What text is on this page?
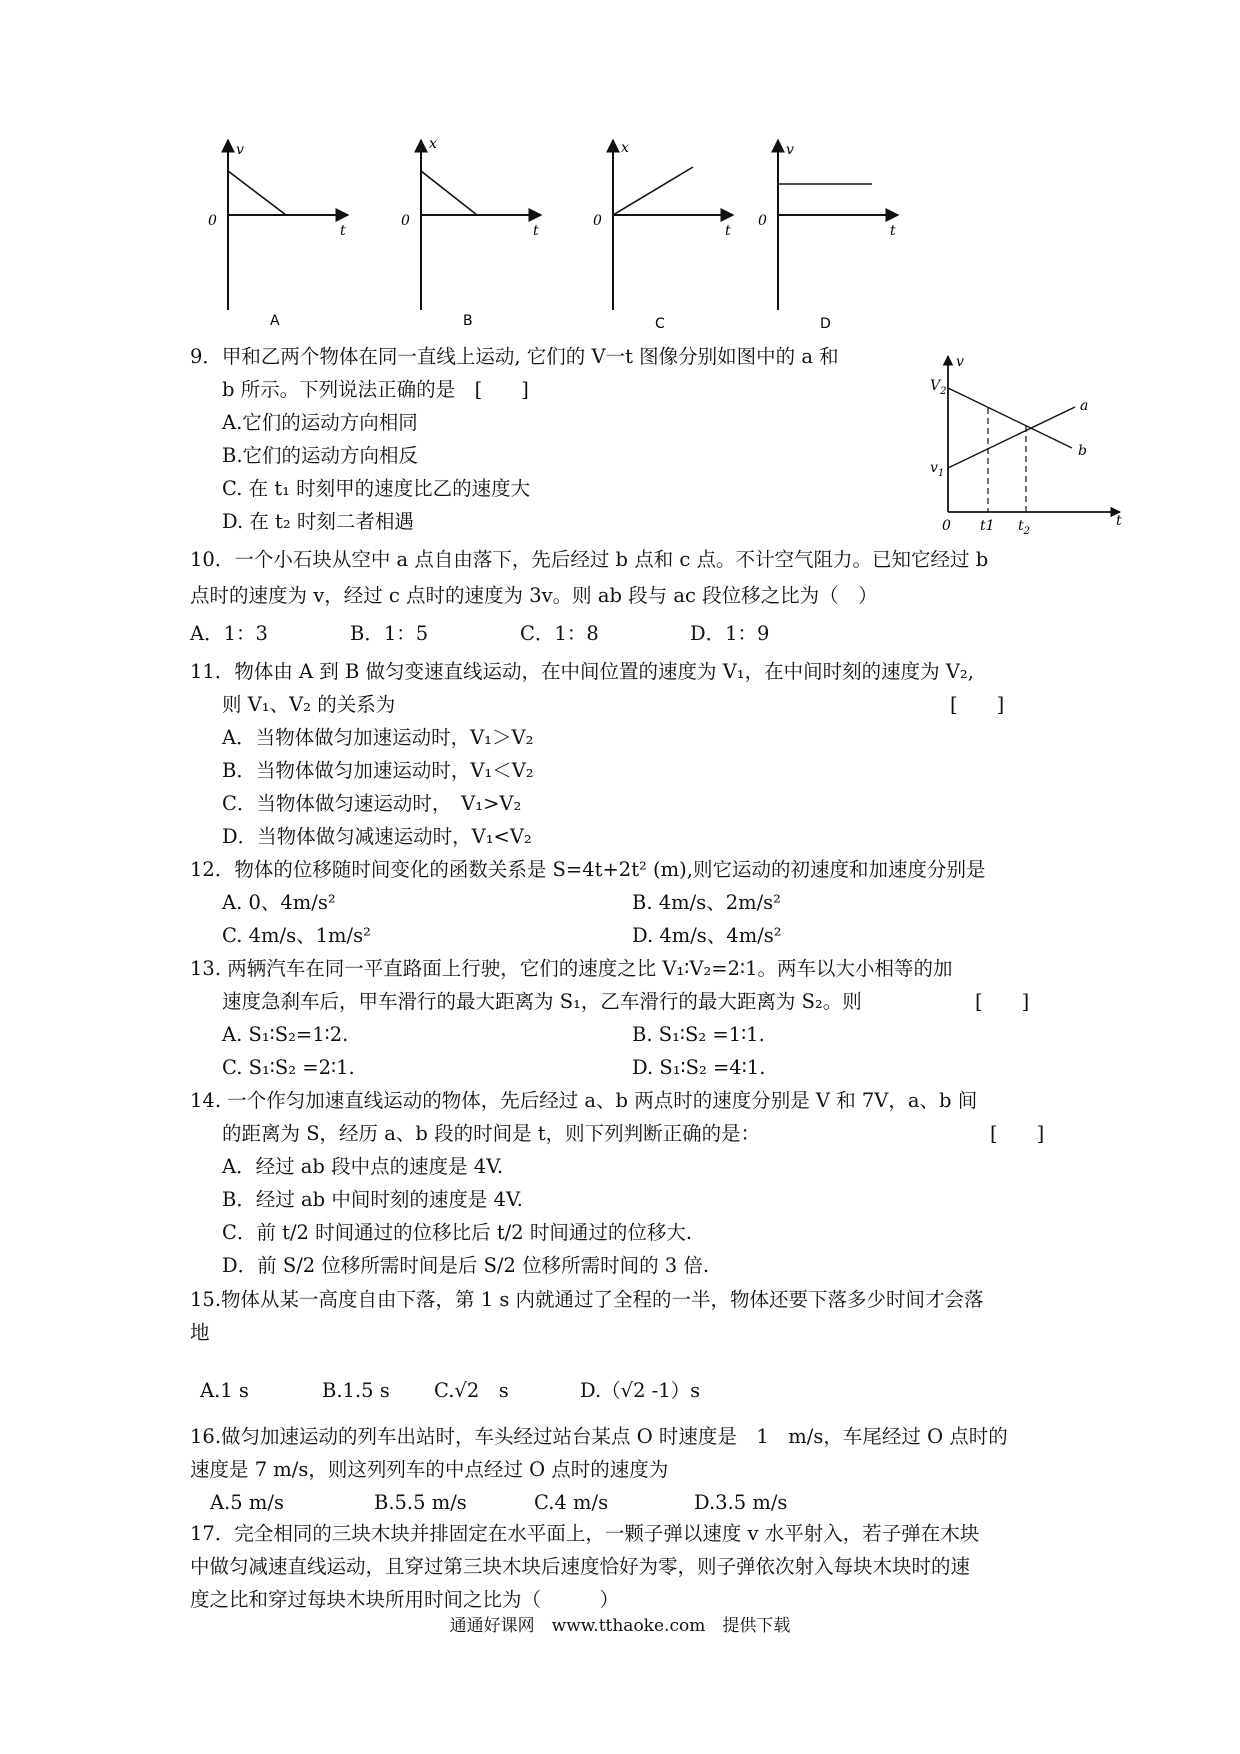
v
0
t
A
x
0
t
B
x
0
t
C
v
0
t
D
v
t
0
$V_2$
$v_1$
t1 $t_2$
a
b
9．甲和乙两个物体在同一直线上运动, 它们的 V一t 图像分别如图中的 a 和
b 所示。下列说法正确的是　[　　]
A.它们的运动方向相同
B.它们的运动方向相反
C. 在 t₁ 时刻甲的速度比乙的速度大
D. 在 t₂ 时刻二者相遇
10．一个小石块从空中 a 点自由落下，先后经过 b 点和 c 点。不计空气阻力。已知它经过 b
点时的速度为 v，经过 c 点时的速度为 3v。则 ab 段与 ac 段位移之比为（　）
A．1：3	B．1：5	C．1：8	D．1：9
11．物体由 A 到 B 做匀变速直线运动，在中间位置的速度为 V₁，在中间时刻的速度为 V₂,
则 V₁、V₂ 的关系为	[　　]
A．当物体做匀加速运动时，V₁＞V₂
B．当物体做匀加速运动时，V₁＜V₂
C．当物体做匀速运动时，　V₁>V₂
D．当物体做匀减速运动时，V₁<V₂
12．物体的位移随时间变化的函数关系是 S=4t+2t² (m),则它运动的初速度和加速度分别是
A. 0、4m/s²	B. 4m/s、2m/s²
C. 4m/s、1m/s²	D. 4m/s、4m/s²
13. 两辆汽车在同一平直路面上行驶，它们的速度之比 V₁∶V₂=2∶1。两车以大小相等的加
速度急刹车后，甲车滑行的最大距离为 S₁，乙车滑行的最大距离为 S₂。则	[　　]
A. S₁∶S₂=1∶2.	B. S₁∶S₂ =1∶1.
C. S₁∶S₂ =2∶1.	D. S₁∶S₂ =4∶1.
14. 一个作匀加速直线运动的物体，先后经过 a、b 两点时的速度分别是 V 和 7V，a、b 间
的距离为 S，经历 a、b 段的时间是 t，则下列判断正确的是：	[　　]
A．经过 ab 段中点的速度是 4V.
B．经过 ab 中间时刻的速度是 4V.
C．前 t/2 时间通过的位移比后 t/2 时间通过的位移大.
D．前 S/2 位移所需时间是后 S/2 位移所需时间的 3 倍.
15.物体从某一高度自由下落，第 1 s 内就通过了全程的一半，物体还要下落多少时间才会落
地
A.1 s	B.1.5 s	C.√2　s	D.（√2 -1）s
16.做匀加速运动的列车出站时，车头经过站台某点 O 时速度是　1　m/s，车尾经过 O 点时的
速度是 7 m/s，则这列列车的中点经过 O 点时的速度为
A.5 m/s	B.5.5 m/s	C.4 m/s	D.3.5 m/s
17．完全相同的三块木块并排固定在水平面上，一颗子弹以速度 v 水平射入，若子弹在木块
中做匀减速直线运动，且穿过第三块木块后速度恰好为零，则子弹依次射入每块木块时的速
度之比和穿过每块木块所用时间之比为（　　　）
通通好课网　www.tthaoke.com　提供下载
